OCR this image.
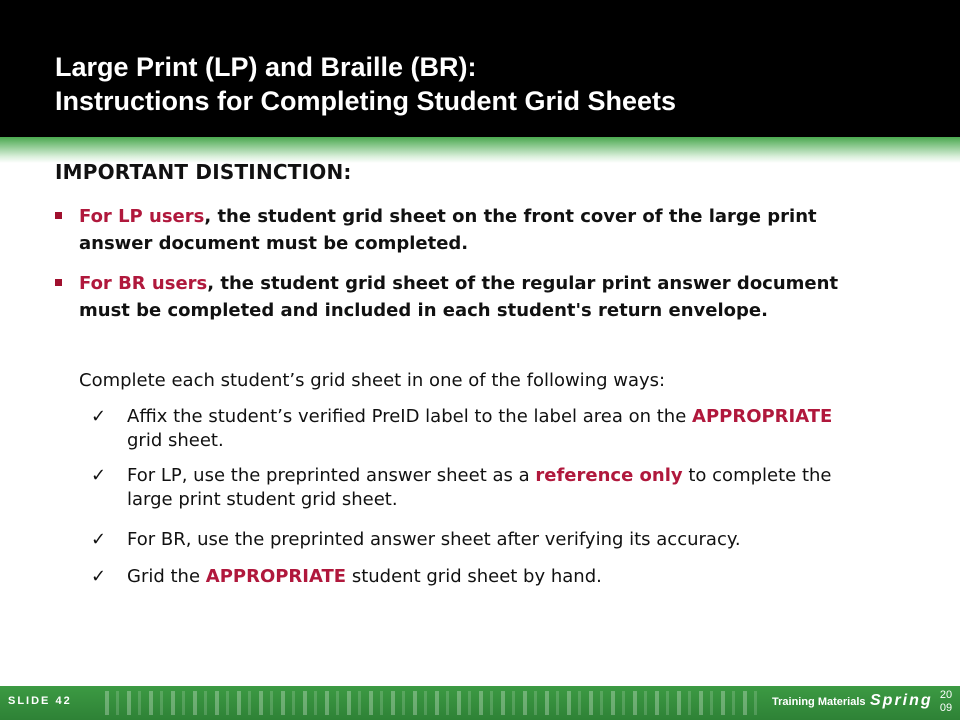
Large Print (LP) and Braille (BR):
Instructions for Completing Student Grid Sheets
IMPORTANT DISTINCTION:
For LP users, the student grid sheet on the front cover of the large print answer document must be completed.
For BR users, the student grid sheet of the regular print answer document must be completed and included in each student's return envelope.

Complete each student’s grid sheet in one of the following ways:

✓ Affix the student’s verified PreID label to the label area on the APPROPRIATE grid sheet.
✓ For LP, use the preprinted answer sheet as a reference only to complete the large print student grid sheet.
✓ For BR, use the preprinted answer sheet after verifying its accuracy.
✓ Grid the APPROPRIATE student grid sheet by hand.
SLIDE 42	Training Materials Spring 20
09
